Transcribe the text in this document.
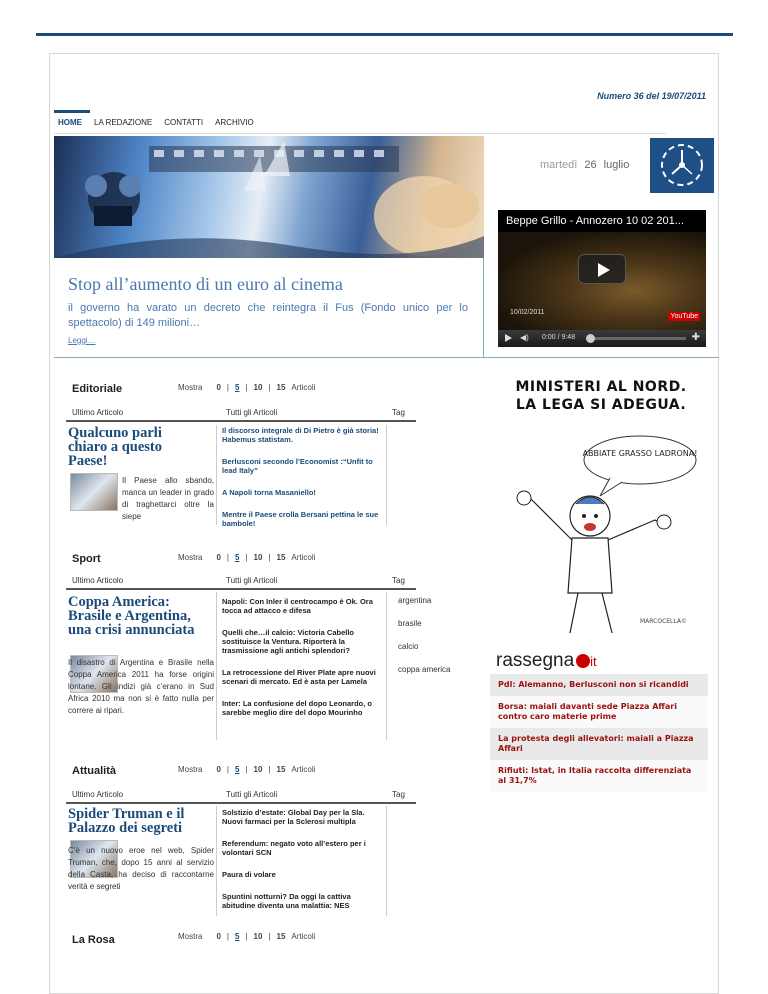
Numero 36 del 19/07/2011
HOME	LA REDAZIONE	CONTATTI	ARCHIVIO
Stop all’aumento di un euro al cinema
il governo ha varato un decreto che reintegra il Fus (Fondo unico per lo spettacolo) di 149 milioni…
Leggi…
martedì 26 luglio
Beppe Grillo - Annozero 10 02 201...
10/02/2011
YouTube
◀) 0:00 / 9:48	✚
Editoriale	Mostra 0 | 5 | 10 | 15 Articoli
Ultimo Articolo	Tutti gli Articoli	Tag
Qualcuno parli chiaro a questo Paese!
Il Paese allo sbando, manca un leader in grado di traghettarci oltre la siepe
Il discorso integrale di Di Pietro è già storia! Habemus statistam.
Berlusconi secondo l’Economist :“Unfit to lead Italy”
A Napoli torna Masaniello!
Mentre il Paese crolla Bersani pettina le sue bambole!
Sport	Mostra 0 | 5 | 10 | 15 Articoli
Ultimo Articolo	Tutti gli Articoli	Tag
Coppa America: Brasile e Argentina, una crisi annunciata
Il disastro di Argentina e Brasile nella Coppa America 2011 ha forse origini lontane. Gli indizi già c’erano in Sud Africa 2010 ma non si è fatto nulla per correre ai ripari.
Napoli: Con Inler il centrocampo è Ok. Ora tocca ad attacco e difesa
Quelli che…il calcio: Victoria Cabello sostituisce la Ventura. Riporterà la trasmissione agli antichi splendori?
La retrocessione del River Plate apre nuovi scenari di mercato. Ed è asta per Lamela
Inter: La confusione del dopo Leonardo, o sarebbe meglio dire del dopo Mourinho
argentina
brasile
calcio
coppa america
Attualità	Mostra 0 | 5 | 10 | 15 Articoli
Ultimo Articolo	Tutti gli Articoli	Tag
Spider Truman e il Palazzo dei segreti
C’è un nuovo eroe nel web, Spider Truman, che, dopo 15 anni al servizio della Casta, ha deciso di raccontarne verità e segreti
Solstizio d’estate: Global Day per la Sla. Nuovi farmaci per la Sclerosi multipla
Referendum: negato voto all’estero per i volontari SCN
Paura di volare
Spuntini notturni? Da oggi la cattiva abitudine diventa una malattia: NES
La Rosa	Mostra 0 | 5 | 10 | 15 Articoli
MINISTERI AL NORD.
LA LEGA SI ADEGUA.
ABBIATE GRASSO LADRONA!
MARCOCELLA©
rassegna it
Pdl: Alemanno, Berlusconi non si ricandidi
Borsa: maiali davanti sede Piazza Affari contro caro materie prime
La protesta degli allevatori: maiali a Piazza Affari
Rifiuti: Istat, in Italia raccolta differenziata al 31,7%
